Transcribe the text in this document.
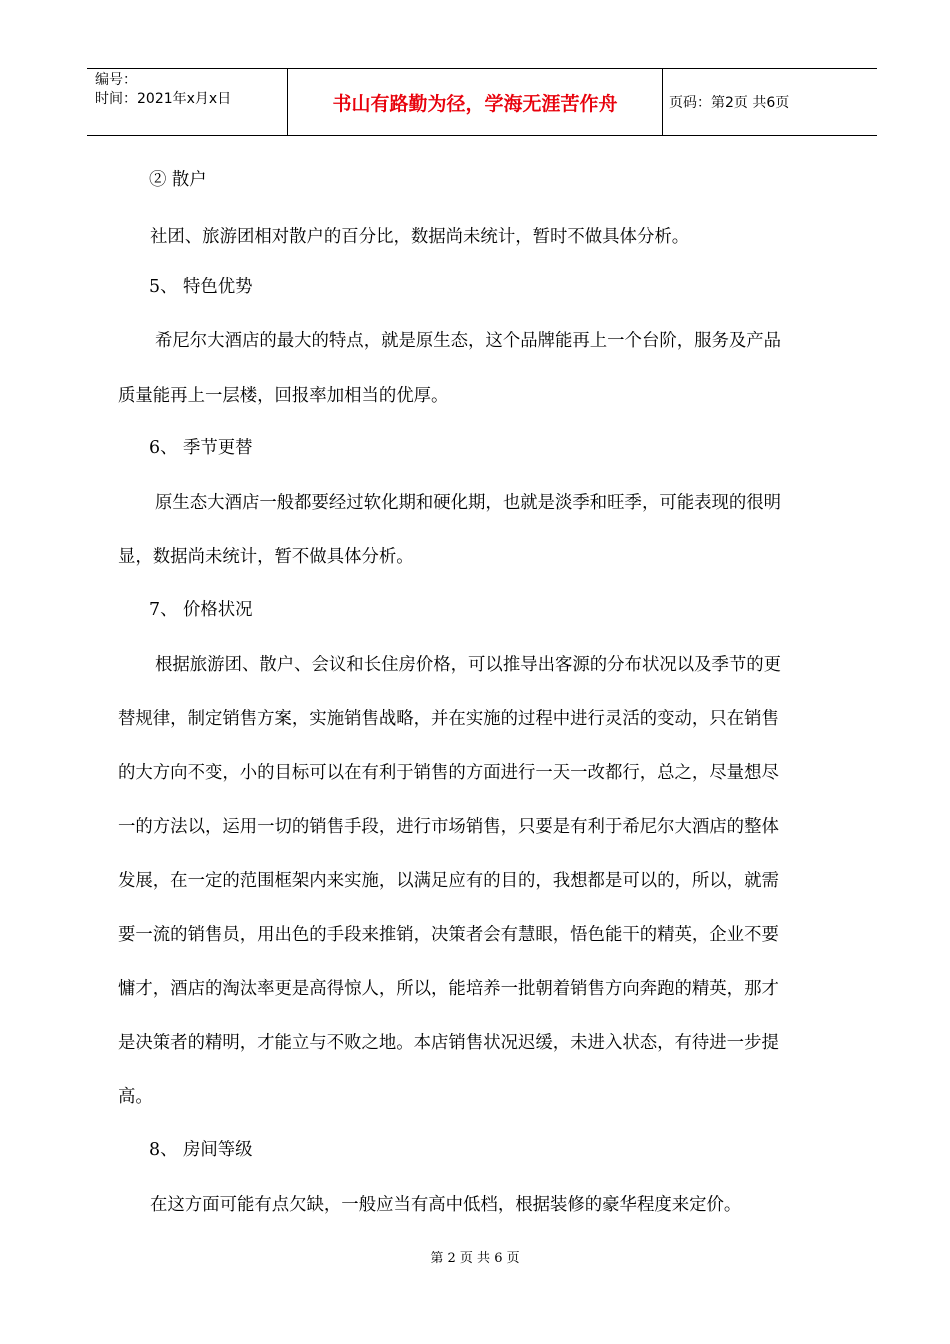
编号：
时间：2021年x月x日	书山有路勤为径，学海无涯苦作舟	页码：第2页 共6页
② 散户
社团、旅游团相对散户的百分比，数据尚未统计，暂时不做具体分析。
5、 特色优势
希尼尔大酒店的最大的特点，就是原生态，这个品牌能再上一个台阶，服务及产品
质量能再上一层楼，回报率加相当的优厚。
6、 季节更替
原生态大酒店一般都要经过软化期和硬化期，也就是淡季和旺季，可能表现的很明
显，数据尚未统计，暂不做具体分析。
7、 价格状况
根据旅游团、散户、会议和长住房价格，可以推导出客源的分布状况以及季节的更
替规律，制定销售方案，实施销售战略，并在实施的过程中进行灵活的变动，只在销售
的大方向不变，小的目标可以在有利于销售的方面进行一天一改都行，总之，尽量想尽
一的方法以，运用一切的销售手段，进行市场销售，只要是有利于希尼尔大酒店的整体
发展，在一定的范围框架内来实施，以满足应有的目的，我想都是可以的，所以，就需
要一流的销售员，用出色的手段来推销，决策者会有慧眼，悟色能干的精英，企业不要
慵才，酒店的淘汰率更是高得惊人，所以，能培养一批朝着销售方向奔跑的精英，那才
是决策者的精明，才能立与不败之地。本店销售状况迟缓，未进入状态，有待进一步提
高。
8、 房间等级
在这方面可能有点欠缺，一般应当有高中低档，根据装修的豪华程度来定价。
第 2 页 共 6 页
